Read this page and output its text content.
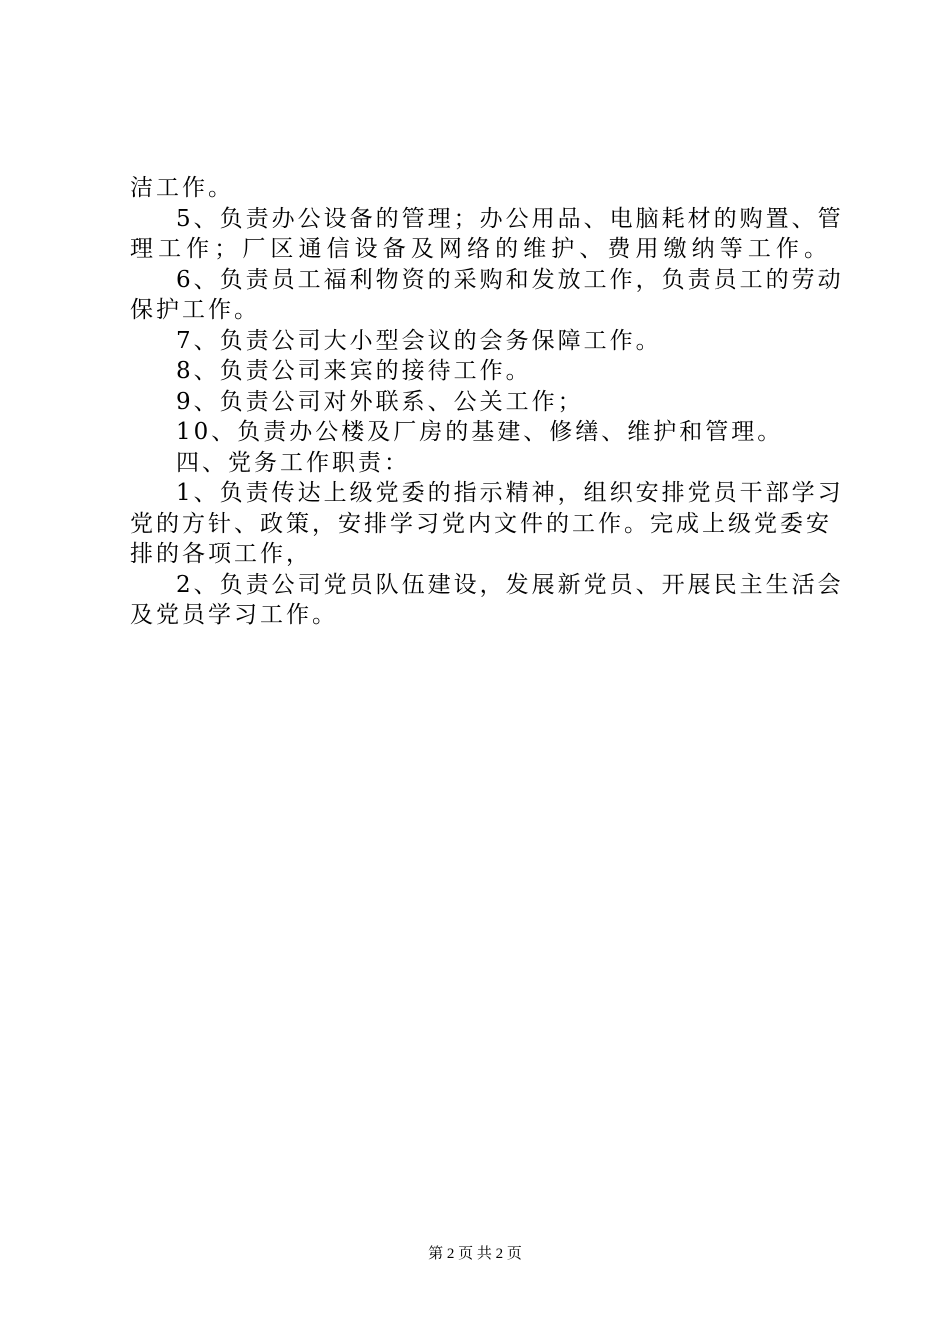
洁工作。
5、负责办公设备的管理；办公用品、电脑耗材的购置、管
理工作；厂区通信设备及网络的维护、费用缴纳等工作。
6、负责员工福利物资的采购和发放工作，负责员工的劳动
保护工作。
7、负责公司大小型会议的会务保障工作。
8、负责公司来宾的接待工作。
9、负责公司对外联系、公关工作；
10、负责办公楼及厂房的基建、修缮、维护和管理。
四、党务工作职责：
1、负责传达上级党委的指示精神，组织安排党员干部学习
党的方针、政策，安排学习党内文件的工作。完成上级党委安
排的各项工作，
2、负责公司党员队伍建设，发展新党员、开展民主生活会
及党员学习工作。
第 2 页 共 2 页
